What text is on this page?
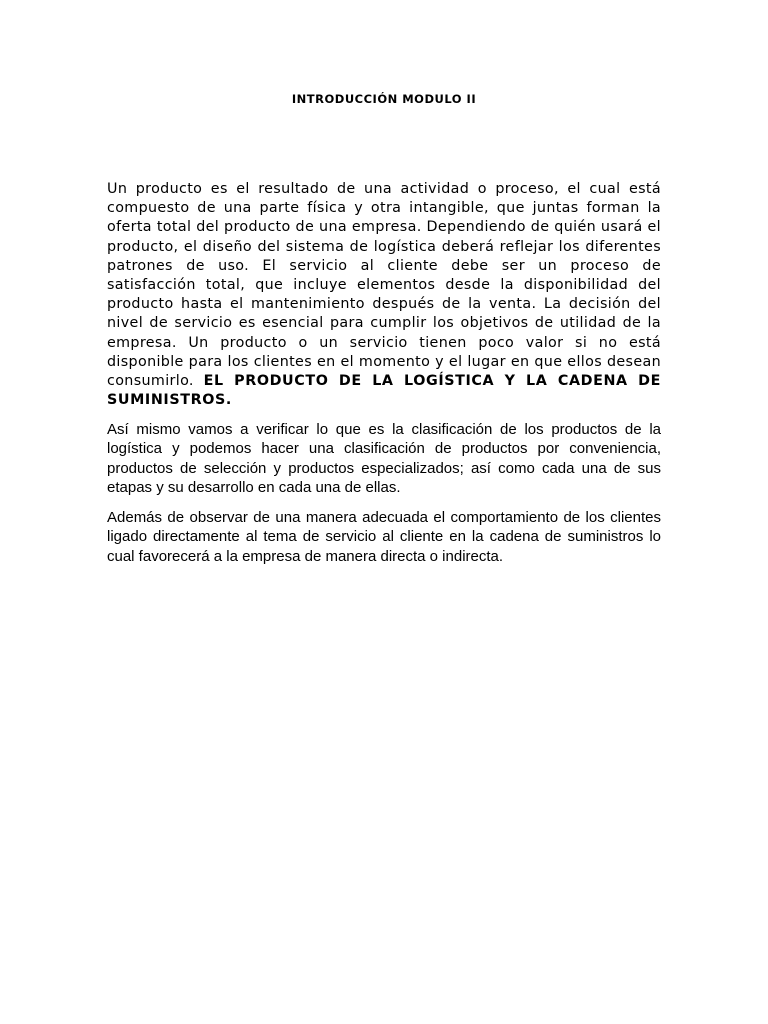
INTRODUCCIÓN MODULO II

Un producto es el resultado de una actividad o proceso, el cual está compuesto de una parte física y otra intangible, que juntas forman la oferta total del producto de una empresa. Dependiendo de quién usará el producto, el diseño del sistema de logística deberá reflejar los diferentes patrones de uso. El servicio al cliente debe ser un proceso de satisfacción total, que incluye elementos desde la disponibilidad del producto hasta el mantenimiento después de la venta. La decisión del nivel de servicio es esencial para cumplir los objetivos de utilidad de la empresa. Un producto o un servicio tienen poco valor si no está disponible para los clientes en el momento y el lugar en que ellos desean consumirlo. EL PRODUCTO DE LA LOGÍSTICA Y LA CADENA DE SUMINISTROS.

Así mismo vamos a verificar lo que es la clasificación de los productos de la logística y podemos hacer una clasificación de productos por conveniencia, productos de selección y productos especializados; así como cada una de sus etapas y su desarrollo en cada una de ellas.

Además de observar de una manera adecuada el comportamiento de los clientes ligado directamente al tema de servicio al cliente en la cadena de suministros lo cual favorecerá a la empresa de manera directa o indirecta.
